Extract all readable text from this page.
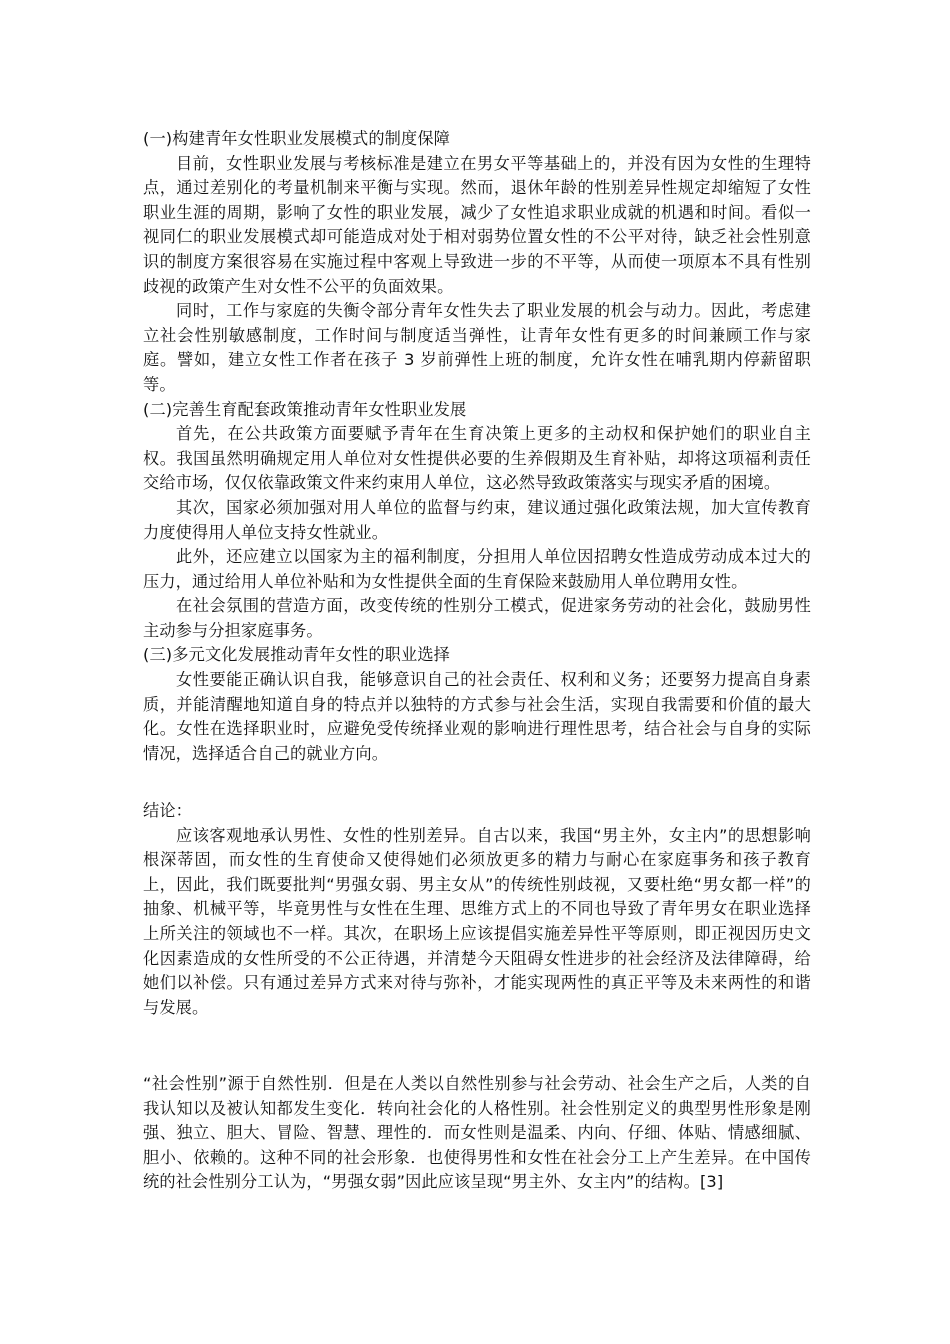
(一)构建青年女性职业发展模式的制度保障

目前，女性职业发展与考核标准是建立在男女平等基础上的，并没有因为女性的生理特点，通过差别化的考量机制来平衡与实现。然而，退休年龄的性别差异性规定却缩短了女性职业生涯的周期，影响了女性的职业发展，减少了女性追求职业成就的机遇和时间。看似一视同仁的职业发展模式却可能造成对处于相对弱势位置女性的不公平对待，缺乏社会性别意识的制度方案很容易在实施过程中客观上导致进一步的不平等，从而使一项原本不具有性别歧视的政策产生对女性不公平的负面效果。

同时，工作与家庭的失衡令部分青年女性失去了职业发展的机会与动力。因此，考虑建立社会性别敏感制度，工作时间与制度适当弹性，让青年女性有更多的时间兼顾工作与家庭。譬如，建立女性工作者在孩子 3 岁前弹性上班的制度，允许女性在哺乳期内停薪留职等。

(二)完善生育配套政策推动青年女性职业发展

首先，在公共政策方面要赋予青年在生育决策上更多的主动权和保护她们的职业自主权。我国虽然明确规定用人单位对女性提供必要的生养假期及生育补贴，却将这项福利责任交给市场，仅仅依靠政策文件来约束用人单位，这必然导致政策落实与现实矛盾的困境。

其次，国家必须加强对用人单位的监督与约束，建议通过强化政策法规，加大宣传教育力度使得用人单位支持女性就业。

此外，还应建立以国家为主的福利制度，分担用人单位因招聘女性造成劳动成本过大的压力，通过给用人单位补贴和为女性提供全面的生育保险来鼓励用人单位聘用女性。

在社会氛围的营造方面，改变传统的性别分工模式，促进家务劳动的社会化，鼓励男性主动参与分担家庭事务。

(三)多元文化发展推动青年女性的职业选择

女性要能正确认识自我，能够意识自己的社会责任、权利和义务；还要努力提高自身素质，并能清醒地知道自身的特点并以独特的方式参与社会生活，实现自我需要和价值的最大化。女性在选择职业时，应避免受传统择业观的影响进行理性思考，结合社会与自身的实际情况，选择适合自己的就业方向。

结论：

应该客观地承认男性、女性的性别差异。自古以来，我国“男主外，女主内”的思想影响根深蒂固，而女性的生育使命又使得她们必须放更多的精力与耐心在家庭事务和孩子教育上，因此，我们既要批判“男强女弱、男主女从”的传统性别歧视，又要杜绝“男女都一样”的抽象、机械平等，毕竟男性与女性在生理、思维方式上的不同也导致了青年男女在职业选择上所关注的领域也不一样。其次，在职场上应该提倡实施差异性平等原则，即正视因历史文化因素造成的女性所受的不公正待遇，并清楚今天阻碍女性进步的社会经济及法律障碍，给她们以补偿。只有通过差异方式来对待与弥补，才能实现两性的真正平等及未来两性的和谐与发展。

“社会性别”源于自然性别．但是在人类以自然性别参与社会劳动、社会生产之后，人类的自我认知以及被认知都发生变化．转向社会化的人格性别。社会性别定义的典型男性形象是刚强、独立、胆大、冒险、智慧、理性的．而女性则是温柔、内向、仔细、体贴、情感细腻、胆小、依赖的。这种不同的社会形象．也使得男性和女性在社会分工上产生差异。在中国传统的社会性别分工认为，“男强女弱”因此应该呈现“男主外、女主内”的结构。[3]
